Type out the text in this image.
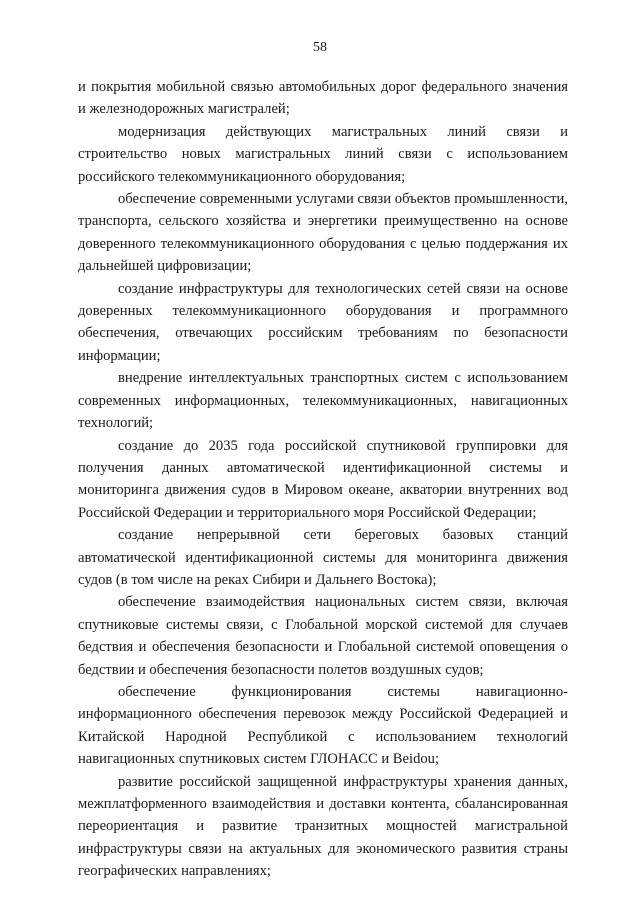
58

и покрытия мобильной связью автомобильных дорог федерального значения и железнодорожных магистралей;

модернизация действующих магистральных линий связи и строительство новых магистральных линий связи с использованием российского телекоммуникационного оборудования;

обеспечение современными услугами связи объектов промышленности, транспорта, сельского хозяйства и энергетики преимущественно на основе доверенного телекоммуникационного оборудования с целью поддержания их дальнейшей цифровизации;

создание инфраструктуры для технологических сетей связи на основе доверенных телекоммуникационного оборудования и программного обеспечения, отвечающих российским требованиям по безопасности информации;

внедрение интеллектуальных транспортных систем с использованием современных информационных, телекоммуникационных, навигационных технологий;

создание до 2035 года российской спутниковой группировки для получения данных автоматической идентификационной системы и мониторинга движения судов в Мировом океане, акватории внутренних вод Российской Федерации и территориального моря Российской Федерации;

создание непрерывной сети береговых базовых станций автоматической идентификационной системы для мониторинга движения судов (в том числе на реках Сибири и Дальнего Востока);

обеспечение взаимодействия национальных систем связи, включая спутниковые системы связи, с Глобальной морской системой для случаев бедствия и обеспечения безопасности и Глобальной системой оповещения о бедствии и обеспечения безопасности полетов воздушных судов;

обеспечение функционирования системы навигационно-информационного обеспечения перевозок между Российской Федерацией и Китайской Народной Республикой с использованием технологий навигационных спутниковых систем ГЛОНАСС и Beidou;

развитие российской защищенной инфраструктуры хранения данных, межплатформенного взаимодействия и доставки контента, сбалансированная переориентация и развитие транзитных мощностей магистральной инфраструктуры связи на актуальных для экономического развития страны географических направлениях;
